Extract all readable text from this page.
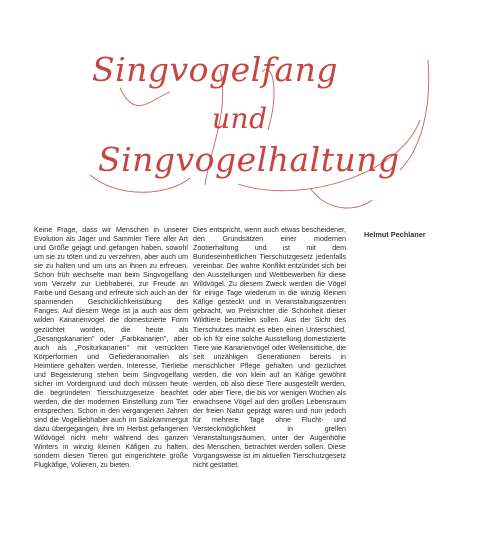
Singvogelfang
und
Singvogelhaltung

Keine Frage, dass wir Menschen in unserer Evolution als Jäger und Sammler Tiere aller Art und Größe gejagt und gefangen haben, sowohl um sie zu töten und zu verzehren, aber auch um sie zu halten und um uns an ihnen zu erfreuen. Schon früh wechselte man beim Singvogelfang vom Verzehr zur Liebhaberei, zur Freude an Farbe und Gesang und erfreute sich auch an der spannenden Geschicklichkeitsübung des Fanges. Auf diesem Wege ist ja auch aus dem wilden Kanarienvogel die domestizierte Form gezüchtet worden, die heute als „Gesangskanarien" oder „Farbkanarien", aber auch als „Positurkanarien" mit verrückten Körperformen und Gefiederanomalien als Heimtiere gehalten werden. Interesse, Tierliebe und Begeisterung stehen beim Singvogelfang sicher im Vordergrund und doch müssen heute die begründeten Tierschutzgesetze beachtet werden, die der modernen Einstellung zum Tier entsprechen. Schon in den vergangenen Jahren sind die Vogelliebhaber auch im Salzkammergut dazu übergegangen, ihre im Herbst gefangenen Wildvögel nicht mehr während des ganzen Winters in winzig kleinen Käfigen zu halten, sondern diesen Tieren gut eingerichtete große Flugkäfige, Volieren, zu bieten.

Dies entspricht, wenn auch etwas bescheidener, den Grundsätzen einer modernen Zootierhaltung und ist mit dem Bundeseinheitlichen Tierschutzgesetz jedenfalls vereinbar. Der wahre Konflikt entzündet sich bei den Ausstellungen und Wettbewerben für diese Wildvögel. Zu diesem Zweck werden die Vögel für einige Tage wiederum in die winzig kleinen Käfige gesteckt und in Veranstaltungszentren gebracht, wo Preisrichter die Schönheit dieser Wildtiere beurteilen sollen. Aus der Sicht des Tierschutzes macht es eben einen Unterschied, ob ich für eine solche Ausstellung domestizierte Tiere wie Kanarienvögel oder Wellensittiche, die seit unzähligen Generationen bereits in menschlicher Pflege gehalten und gezüchtet werden, die von klein auf an Käfige gewöhnt werden, ob also diese Tiere ausgestellt werden, oder aber Tiere, die bis vor wenigen Wochen als erwachsene Vögel auf den großen Lebensraum der freien Natur geprägt waren und nun jedoch für mehrere Tage ohne Flucht- und Versteckmöglichkeit in grellen Veranstaltungsräumen, unter der Augenhöhe des Menschen, betrachtet werden sollen. Diese Vorgangsweise ist im aktuellen Tierschutzgesetz nicht gestattet.

Helmut Pechlaner
